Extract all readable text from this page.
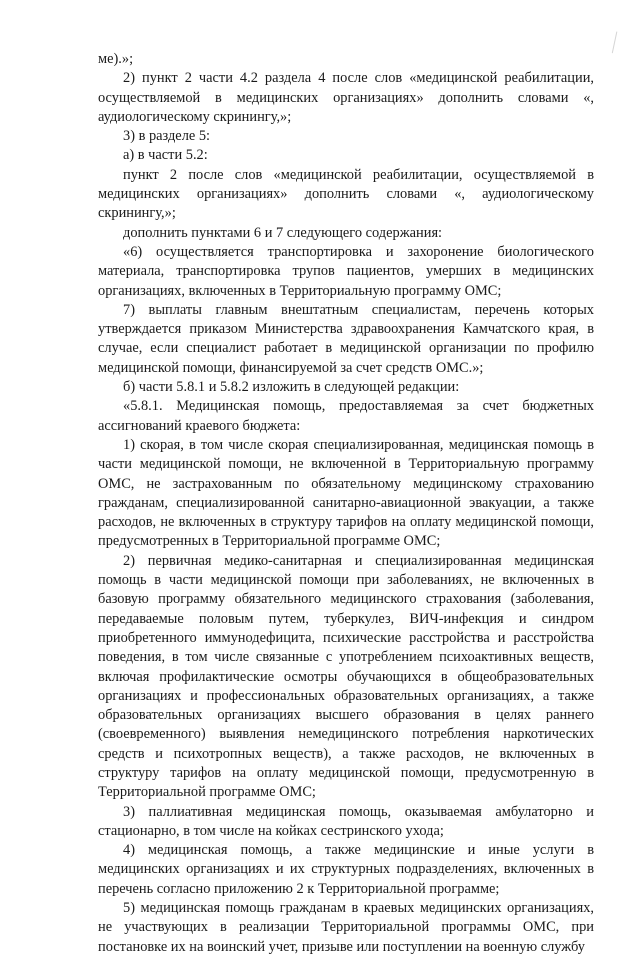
ме).»;

2) пункт 2 части 4.2 раздела 4 после слов «медицинской реабилитации, осуществляемой в медицинских организациях» дополнить словами «, аудиологическому скринингу,»;

3) в разделе 5:

а) в части 5.2:

пункт 2 после слов «медицинской реабилитации, осуществляемой в медицинских организациях» дополнить словами «, аудиологическому скринингу,»;

дополнить пунктами 6 и 7 следующего содержания:

«6) осуществляется транспортировка и захоронение биологического материала, транспортировка трупов пациентов, умерших в медицинских организациях, включенных в Территориальную программу ОМС;

7) выплаты главным внештатным специалистам, перечень которых утверждается приказом Министерства здравоохранения Камчатского края, в случае, если специалист работает в медицинской организации по профилю медицинской помощи, финансируемой за счет средств ОМС.»;

б) части 5.8.1 и 5.8.2 изложить в следующей редакции:

«5.8.1. Медицинская помощь, предоставляемая за счет бюджетных ассигнований краевого бюджета:

1) скорая, в том числе скорая специализированная, медицинская помощь в части медицинской помощи, не включенной в Территориальную программу ОМС, не застрахованным по обязательному медицинскому страхованию гражданам, специализированной санитарно-авиационной эвакуации, а также расходов, не включенных в структуру тарифов на оплату медицинской помощи, предусмотренных в Территориальной программе ОМС;

2) первичная медико-санитарная и специализированная медицинская помощь в части медицинской помощи при заболеваниях, не включенных в базовую программу обязательного медицинского страхования (заболевания, передаваемые половым путем, туберкулез, ВИЧ-инфекция и синдром приобретенного иммунодефицита, психические расстройства и расстройства поведения, в том числе связанные с употреблением психоактивных веществ, включая профилактические осмотры обучающихся в общеобразовательных организациях и профессиональных образовательных организациях, а также образовательных организациях высшего образования в целях раннего (своевременного) выявления немедицинского потребления наркотических средств и психотропных веществ), а также расходов, не включенных в структуру тарифов на оплату медицинской помощи, предусмотренную в Территориальной программе ОМС;

3) паллиативная медицинская помощь, оказываемая амбулаторно и стационарно, в том числе на койках сестринского ухода;

4) медицинская помощь, а также медицинские и иные услуги в медицинских организациях и их структурных подразделениях, включенных в перечень согласно приложению 2 к Территориальной программе;

5) медицинская помощь гражданам в краевых медицинских организациях, не участвующих в реализации Территориальной программы ОМС, при постановке их на воинский учет, призыве или поступлении на военную службу
